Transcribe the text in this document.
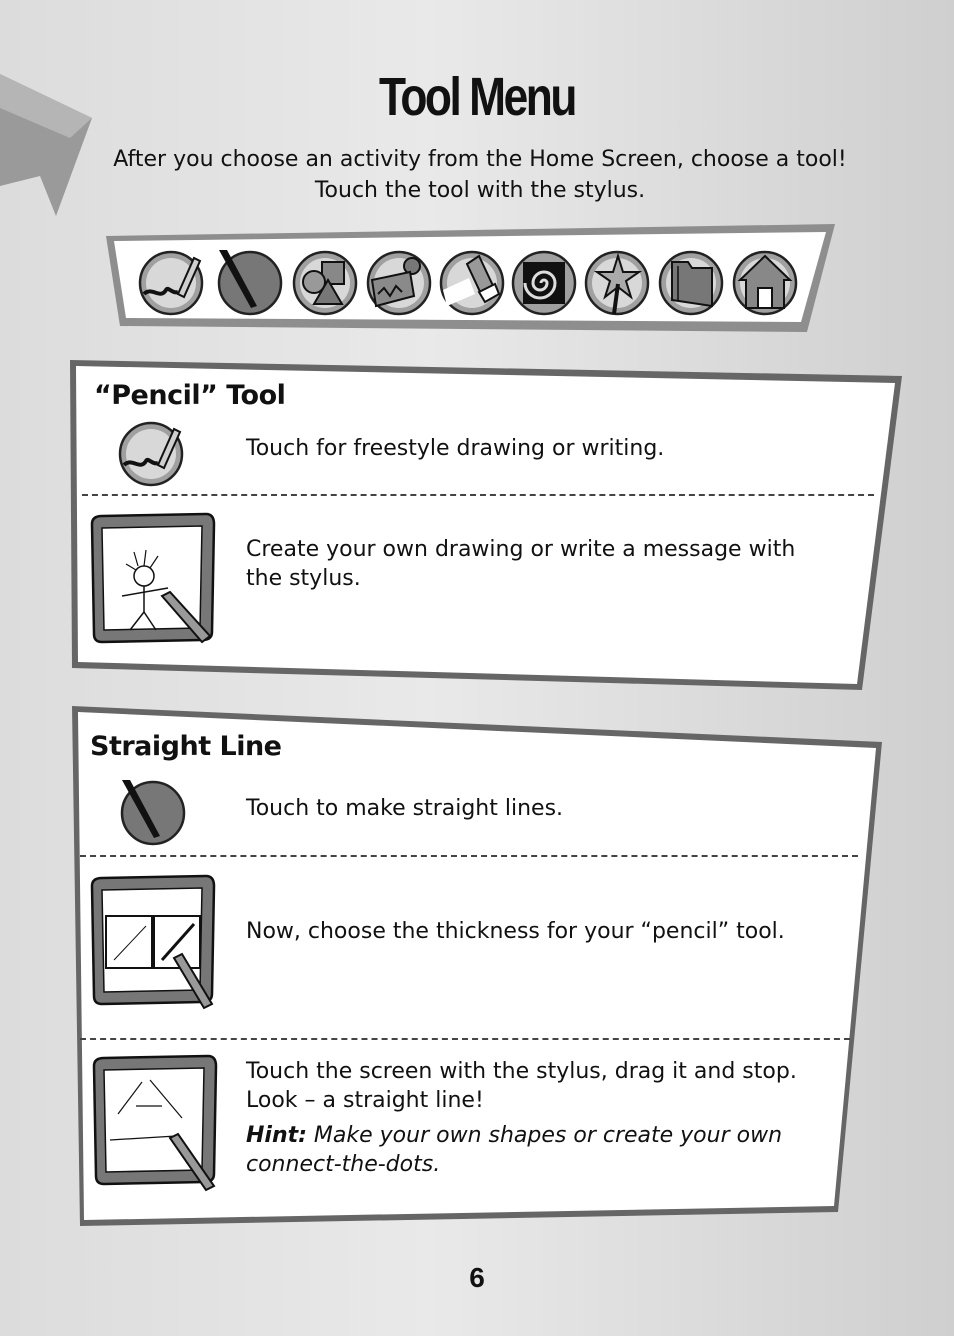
Tool Menu
After you choose an activity from the Home Screen, choose a tool!
Touch the tool with the stylus.
“Pencil” Tool
Touch for freestyle drawing or writing.
Create your own drawing or write a message with the stylus.
Straight Line
Touch to make straight lines.
Now, choose the thickness for your “pencil” tool.
Touch the screen with the stylus, drag it and stop. Look – a straight line!
Hint: Make your own shapes or create your own connect-the-dots.
6
